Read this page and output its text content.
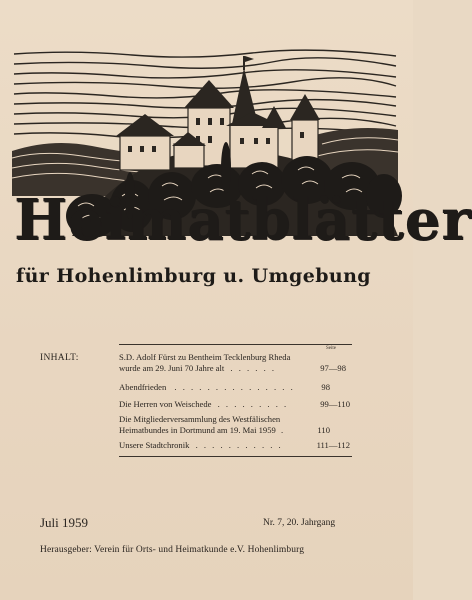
Heimatblätter
für Hohenlimburg u. Umgebung
Seite
INHALT:	S.D. Adolf Fürst zu Bentheim Tecklenburg Rheda
wurde am 29. Juni 70 Jahre alt . . . . . .	97—98
Abendfrieden . . . . . . . . . . . . . . .	98
Die Herren von Weischede . . . . . . . . .	99—110
Die Mitgliederversammlung des Westfälischen
Heimatbundes in Dortmund am 19. Mai 1959 .	110
Unsere Stadtchronik . . . . . . . . . . .	111—112
Juli 1959	Nr. 7, 20. Jahrgang
Herausgeber: Verein für Orts- und Heimatkunde e.V. Hohenlimburg
